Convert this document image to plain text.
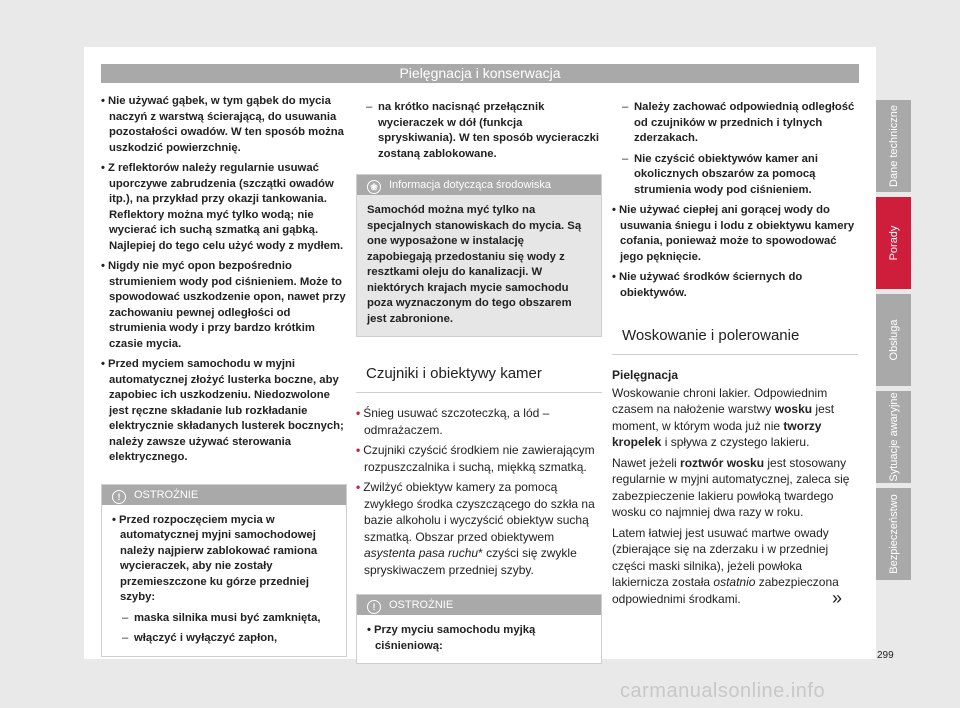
Pielęgnacja i konserwacja

• Nie używać gąbek, w tym gąbek do mycia naczyń z warstwą ścierającą, do usuwania pozostałości owadów. W ten sposób można uszkodzić powierzchnię.

• Z reflektorów należy regularnie usuwać uporczywe zabrudzenia (szczątki owadów itp.), na przykład przy okazji tankowania. Reflektory można myć tylko wodą; nie wycierać ich suchą szmatką ani gąbką. Najlepiej do tego celu użyć wody z mydłem.

• Nigdy nie myć opon bezpośrednio strumieniem wody pod ciśnieniem. Może to spowodować uszkodzenie opon, nawet przy zachowaniu pewnej odległości od strumienia wody i przy bardzo krótkim czasie mycia.

• Przed myciem samochodu w myjni automatycznej złożyć lusterka boczne, aby zapobiec ich uszkodzeniu. Niedozwolone jest ręczne składanie lub rozkładanie elektrycznie składanych lusterek bocznych; należy zawsze używać sterowania elektrycznego.

! OSTROŻNIE

• Przed rozpoczęciem mycia w automatycznej myjni samochodowej należy najpierw zablokować ramiona wycieraczek, aby nie zostały przemieszczone ku górze przedniej szyby:

– maska silnika musi być zamknięta,

– włączyć i wyłączyć zapłon,

– na krótko nacisnąć przełącznik wycieraczek w dół (funkcja spryskiwania). W ten sposób wycieraczki zostaną zablokowane.

❀ Informacja dotycząca środowiska

Samochód można myć tylko na specjalnych stanowiskach do mycia. Są one wyposażone w instalację zapobiegają przedostaniu się wody z resztkami oleju do kanalizacji. W niektórych krajach mycie samochodu poza wyznaczonym do tego obszarem jest zabronione.

Czujniki i obiektywy kamer

• Śnieg usuwać szczoteczką, a lód – odmrażaczem.

• Czujniki czyścić środkiem nie zawierającym rozpuszczalnika i suchą, miękką szmatką.

• Zwilżyć obiektyw kamery za pomocą zwykłego środka czyszczącego do szkła na bazie alkoholu i wyczyścić obiektyw suchą szmatką. Obszar przed obiektywem asystenta pasa ruchu* czyści się zwykle spryskiwaczem przedniej szyby.

! OSTROŻNIE

• Przy myciu samochodu myjką ciśnieniową:

– Należy zachować odpowiednią odległość od czujników w przednich i tylnych zderzakach.

– Nie czyścić obiektywów kamer ani okolicznych obszarów za pomocą strumienia wody pod ciśnieniem.

• Nie używać ciepłej ani gorącej wody do usuwania śniegu i lodu z obiektywu kamery cofania, ponieważ może to spowodować jego pęknięcie.

• Nie używać środków ściernych do obiektywów.

Woskowanie i polerowanie

Pielęgnacja

Woskowanie chroni lakier. Odpowiednim czasem na nałożenie warstwy wosku jest moment, w którym woda już nie tworzy kropelek i spływa z czystego lakieru.

Nawet jeżeli roztwór wosku jest stosowany regularnie w myjni automatycznej, zaleca się zabezpieczenie lakieru powłoką twardego wosku co najmniej dwa razy w roku.

Latem łatwiej jest usuwać martwe owady (zbierające się na zderzaku i w przedniej części maski silnika), jeżeli powłoka lakiernicza została ostatnio zabezpieczona odpowiednimi środkami.	»
Dane techniczne
Porady
Obsługa
Sytuacje awaryjne
Bezpieczeństwo
299
carmanualsonline.info
